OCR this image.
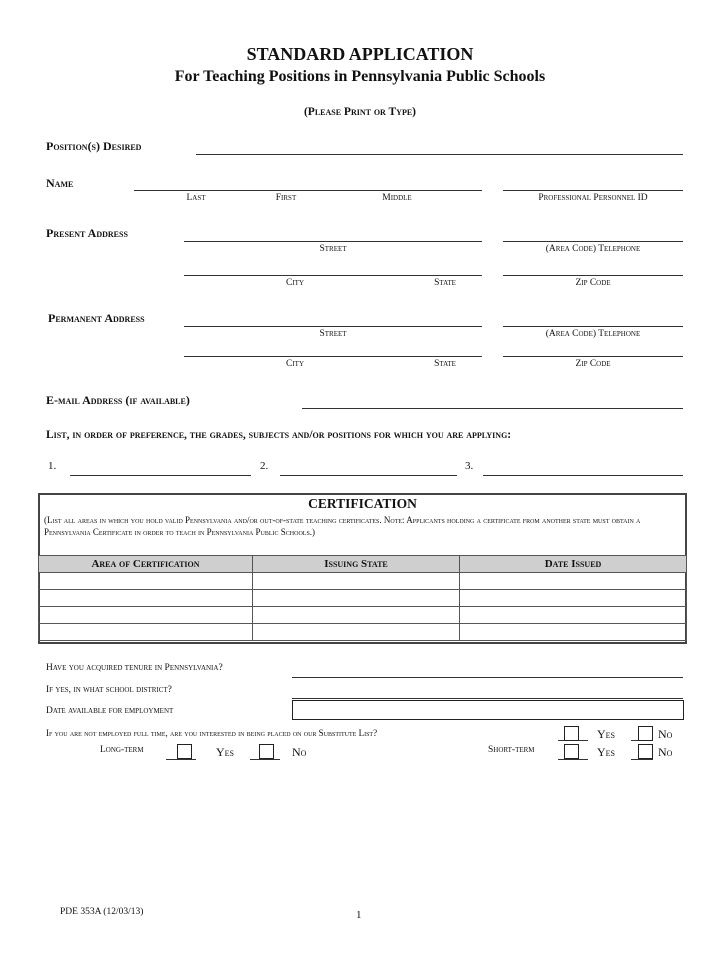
STANDARD APPLICATION
For Teaching Positions in Pennsylvania Public Schools
(Please Print or Type)
Position(s) Desired
Name
Last	First	Middle	Professional Personnel ID
Present Address
Street	(Area Code) Telephone
City	State	Zip Code
Permanent Address
Street	(Area Code) Telephone
City	State	Zip Code
E-mail Address (if available)
List, in order of preference, the grades, subjects and/or positions for which you are applying:
1.	2.	3.
CERTIFICATION
(List all areas in which you hold valid Pennsylvania and/or out-of-state teaching certificates. Note: Applicants holding a certificate from another state must obtain a Pennsylvania Certificate in order to teach in Pennsylvania Public Schools.)
Area of Certification	Issuing State	Date Issued

Have you acquired tenure in Pennsylvania?
If yes, in what school district?
Date available for employment
If you are not employed full time, are you interested in being placed on our Substitute List?	Yes	No
Long-term	Yes	No	Short-term	Yes	No
PDE 353A (12/03/13)	1
